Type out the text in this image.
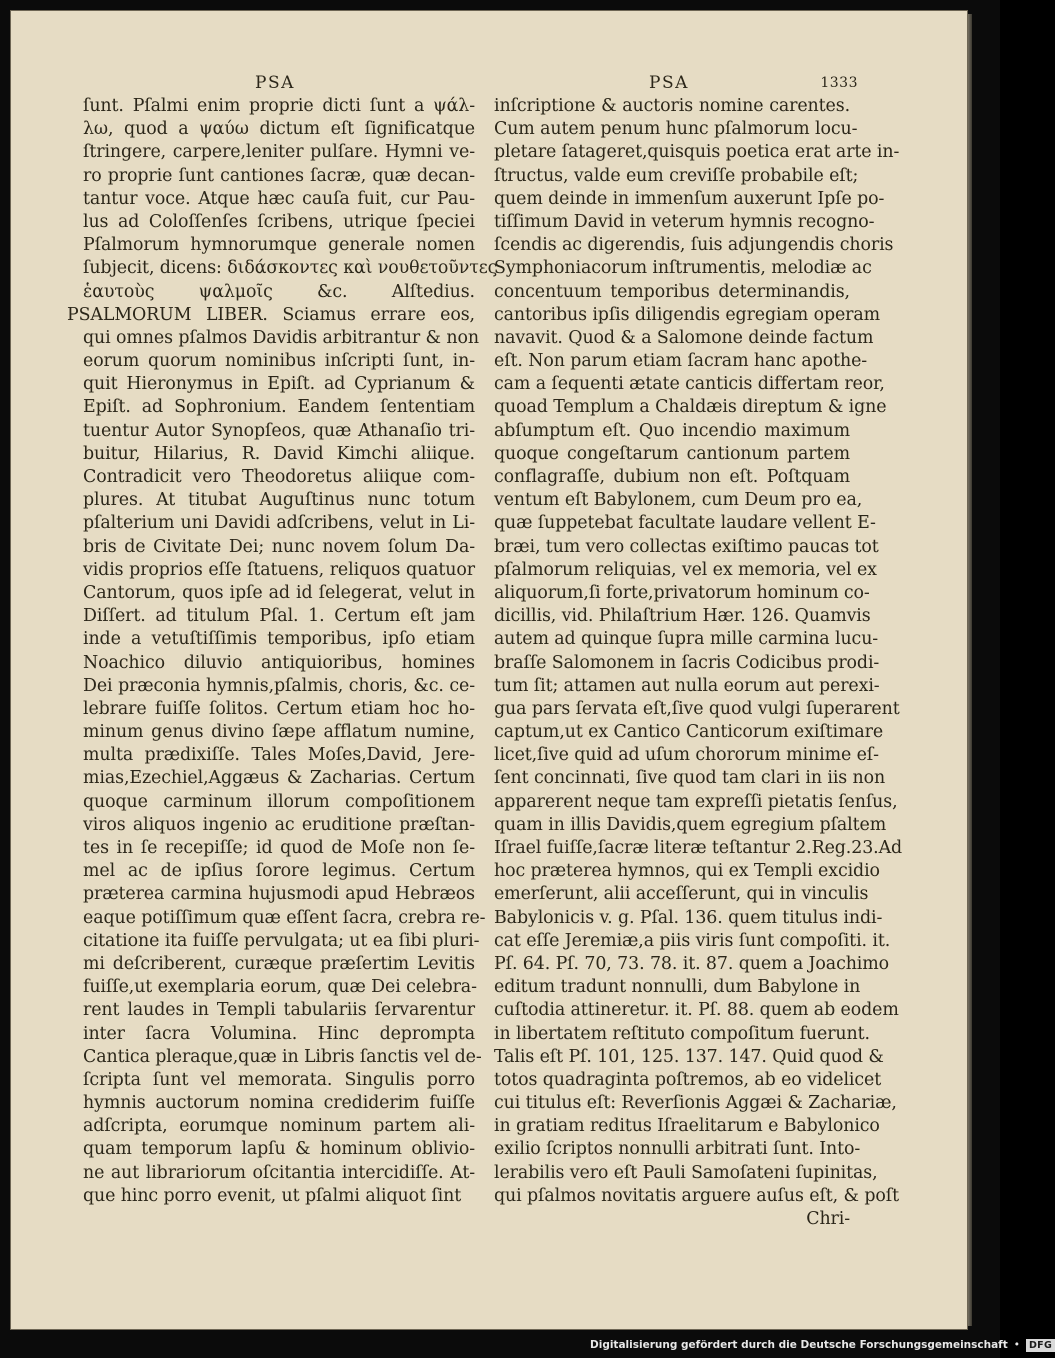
PSA
ſunt. Pſalmi enim proprie dicti ſunt a ψάλ-
λω, quod a ψαύω dictum eſt ſignificatque
ſtringere, carpere,leniter pulſare. Hymni ve-
ro proprie ſunt cantiones ſacræ, quæ decan-
tantur voce. Atque hæc cauſa fuit, cur Pau-
lus ad Coloſſenſes ſcribens, utrique ſpeciei
Pſalmorum hymnorumque generale nomen
ſubjecit, dicens: διδάσκοντες καὶ νουθετοῦντες
ἑαυτοὺς ψαλμοῖς &c. Alſtedius.
PSALMORUM LIBER. Sciamus errare eos,
qui omnes pſalmos Davidis arbitrantur & non
eorum quorum nominibus inſcripti ſunt, in-
quit Hieronymus in Epiſt. ad Cyprianum &
Epiſt. ad Sophronium. Eandem ſententiam
tuentur Autor Synopſeos, quæ Athanaſio tri-
buitur, Hilarius, R. David Kimchi aliique.
Contradicit vero Theodoretus aliique com-
plures. At titubat Auguſtinus nunc totum
pſalterium uni Davidi adſcribens, velut in Li-
bris de Civitate Dei; nunc novem ſolum Da-
vidis proprios eſſe ſtatuens, reliquos quatuor
Cantorum, quos ipſe ad id ſelegerat, velut in
Diſſert. ad titulum Pſal. 1. Certum eſt jam
inde a vetuſtiſſimis temporibus, ipſo etiam
Noachico diluvio antiquioribus, homines
Dei præconia hymnis,pſalmis, choris, &c. ce-
lebrare fuiſſe ſolitos. Certum etiam hoc ho-
minum genus divino ſæpe afflatum numine,
multa prædixiſſe. Tales Moſes,David, Jere-
mias,Ezechiel,Aggæus & Zacharias. Certum
quoque carminum illorum compoſitionem
viros aliquos ingenio ac eruditione præſtan-
tes in ſe recepiſſe; id quod de Moſe non ſe-
mel ac de ipſius ſorore legimus. Certum
præterea carmina hujusmodi apud Hebræos
eaque potiſſimum quæ eſſent ſacra, crebra re-
citatione ita fuiſſe pervulgata; ut ea ſibi pluri-
mi deſcriberent, curæque præſertim Levitis
fuiſſe,ut exemplaria eorum, quæ Dei celebra-
rent laudes in Templi tabulariis ſervarentur
inter ſacra Volumina. Hinc deprompta
Cantica pleraque,quæ in Libris ſanctis vel de-
ſcripta ſunt vel memorata. Singulis porro
hymnis auctorum nomina crediderim fuiſſe
adſcripta, eorumque nominum partem ali-
quam temporum lapſu & hominum oblivio-
ne aut librariorum oſcitantia intercidiſſe. At-
que hinc porro evenit, ut pſalmi aliquot ſint
PSA	1333
inſcriptione & auctoris nomine carentes.
Cum autem penum hunc pſalmorum locu-
pletare ſatageret,quisquis poetica erat arte in-
ſtructus, valde eum creviſſe probabile eſt;
quem deinde in immenſum auxerunt Ipſe po-
tiſſimum David in veterum hymnis recogno-
ſcendis ac digerendis, ſuis adjungendis choris
Symphoniacorum inſtrumentis, melodiæ ac
concentuum temporibus determinandis,
cantoribus ipſis diligendis egregiam operam
navavit. Quod & a Salomone deinde factum
eſt. Non parum etiam ſacram hanc apothe-
cam a ſequenti ætate canticis differtam reor,
quoad Templum a Chaldæis direptum & igne
abſumptum eſt. Quo incendio maximum
quoque congeſtarum cantionum partem
conflagraſſe, dubium non eſt. Poſtquam
ventum eſt Babylonem, cum Deum pro ea,
quæ ſuppetebat facultate laudare vellent E-
bræi, tum vero collectas exiſtimo paucas tot
pſalmorum reliquias, vel ex memoria, vel ex
aliquorum,ſi forte,privatorum hominum co-
dicillis, vid. Philaſtrium Hær. 126. Quamvis
autem ad quinque ſupra mille carmina lucu-
braſſe Salomonem in ſacris Codicibus prodi-
tum ſit; attamen aut nulla eorum aut perexi-
gua pars ſervata eſt,ſive quod vulgi ſuperarent
captum,ut ex Cantico Canticorum exiſtimare
licet,ſive quid ad uſum chororum minime eſ-
ſent concinnati, ſive quod tam clari in iis non
apparerent neque tam expreſſi pietatis ſenſus,
quam in illis Davidis,quem egregium pſaltem
Iſrael fuiſſe,ſacræ literæ teſtantur 2.Reg.23.Ad
hoc præterea hymnos, qui ex Templi excidio
emerſerunt, alii acceſſerunt, qui in vinculis
Babylonicis v. g. Pſal. 136. quem titulus indi-
cat eſſe Jeremiæ,a piis viris ſunt compoſiti. it.
Pſ. 64. Pſ. 70, 73. 78. it. 87. quem a Joachimo
editum tradunt nonnulli, dum Babylone in
cuſtodia attineretur. it. Pſ. 88. quem ab eodem
in libertatem reſtituto compoſitum fuerunt.
Talis eſt Pſ. 101, 125. 137. 147. Quid quod &
totos quadraginta poſtremos, ab eo videlicet
cui titulus eſt: Reverſionis Aggæi & Zachariæ,
in gratiam reditus Iſraelitarum e Babylonico
exilio ſcriptos nonnulli arbitrati ſunt. Into-
lerabilis vero eſt Pauli Samoſateni ſupinitas,
qui pſalmos novitatis arguere auſus eſt, & poſt
Chri-
Digitalisierung gefördert durch die Deutsche Forschungsgemeinschaft • DFG
